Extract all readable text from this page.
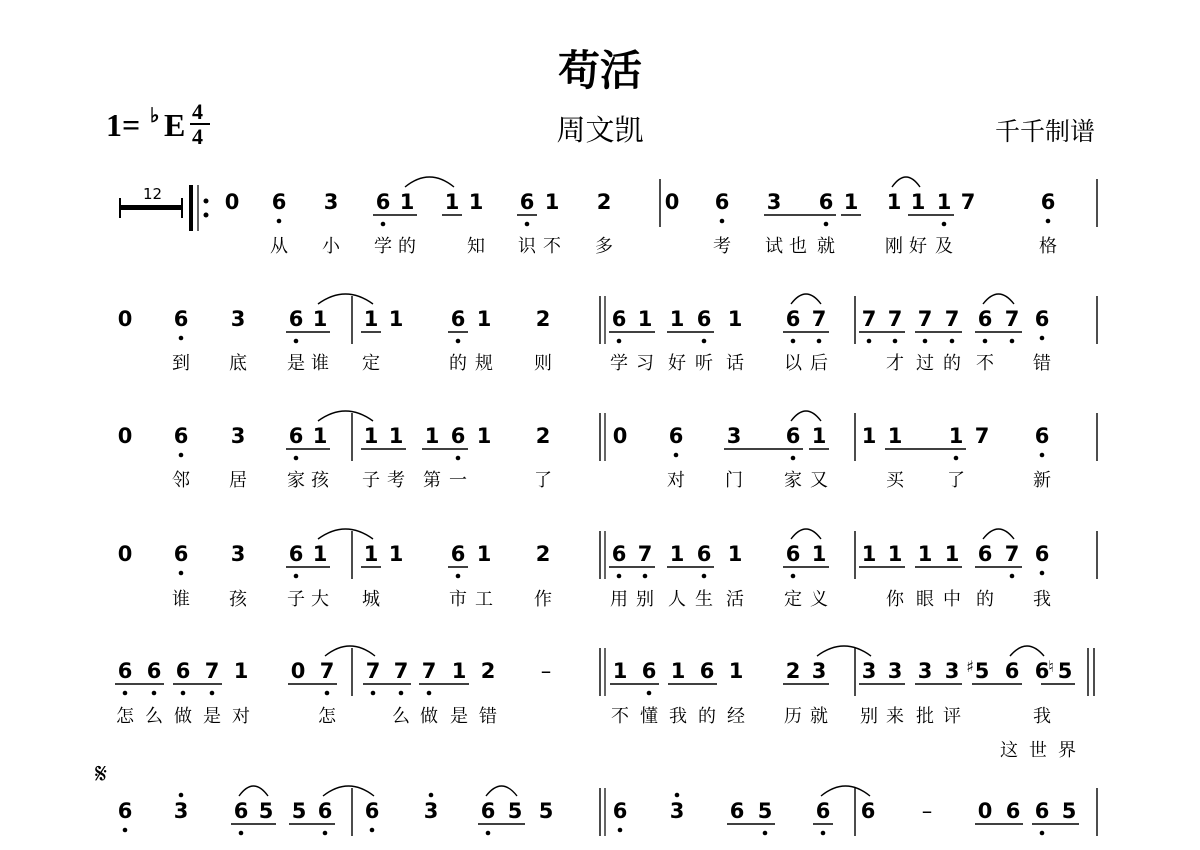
苟活
周文凯	千千制谱
1= ♭ E 4
4
12
𝄋
0 6 3 6 1 1 1 6 1 2	0 6 3 6 1 1 1 1 7	6
从 小 学 的	知 识 不 多	考 试 也 就	刚 好 及	格
0 6 3 6 1 1 1 6 1 2	6 1 1 6 1 6 7 7 7 7 7 6 7 6
到 底 是 谁 定	的 规 则	学 习 好 听 话 以 后	才 过 的 不 错
0 6 3 6 1 1 1 1 6 1 2	0 6 3 6 1 1 1 1 7 6
邻 居 家 孩 子 考 第 一	了	对 门 家 又	买 了	新
0 6 3 6 1 1 1 6 1 2	6 7 1 6 1 6 1 1 1 1 1 6 7 6
谁 孩 子 大 城	市 工 作	用 别 人 生 活 定 义	你 眼 中 的 我
6 6 6 7 1 0 7 7 7 7 1 2 –	1 6 1 6 1 2 3 3 3 3 3 ♯ 5 6 6
♮ 5
怎 么 做 是 对	怎	么 做 是 错	不 懂 我 的 经 历 就 别 来 批 评	我
这 世 界
6 3 6 5 5 6 6 3 6 5 5	6 3 6 5 6 6 – 0 6 6 5
